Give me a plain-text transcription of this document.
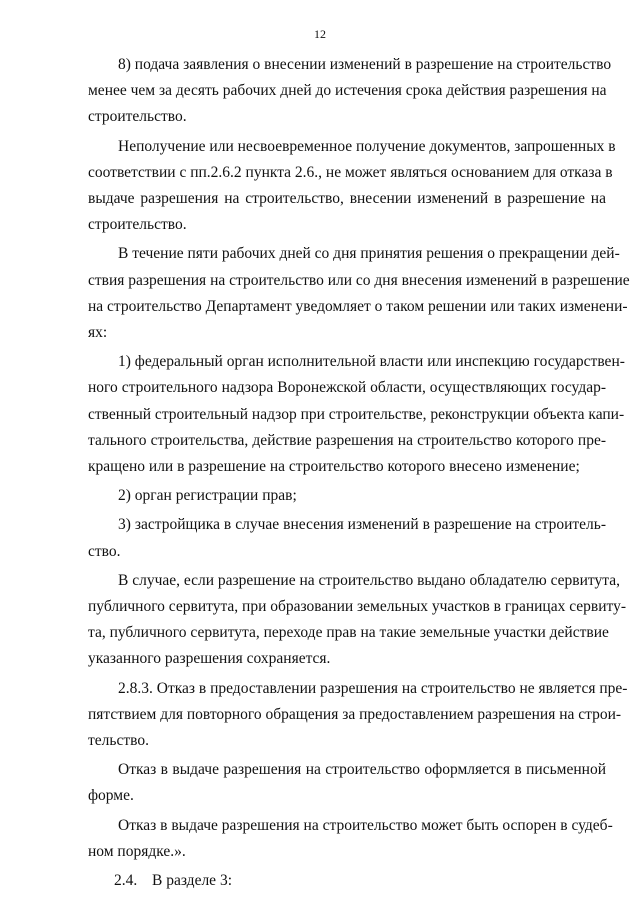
12

8) подача заявления о внесении изменений в разрешение на строительство
менее чем за десять рабочих дней до истечения срока действия разрешения на
строительство.

Неполучение или несвоевременное получение документов, запрошенных в
соответствии с пп.2.6.2 пункта 2.6., не может являться основанием для отказа в
выдаче разрешения на строительство, внесении изменений в разрешение на
строительство.

В течение пяти рабочих дней со дня принятия решения о прекращении дей-
ствия разрешения на строительство или со дня внесения изменений в разрешение
на строительство Департамент уведомляет о таком решении или таких изменени-
ях:

1) федеральный орган исполнительной власти или инспекцию государствен-
ного строительного надзора Воронежской области, осуществляющих государ-
ственный строительный надзор при строительстве, реконструкции объекта капи-
тального строительства, действие разрешения на строительство которого пре-
кращено или в разрешение на строительство которого внесено изменение;

2) орган регистрации прав;

3) застройщика в случае внесения изменений в разрешение на строитель-
ство.

В случае, если разрешение на строительство выдано обладателю сервитута,
публичного сервитута, при образовании земельных участков в границах сервиту-
та, публичного сервитута, переходе прав на такие земельные участки действие
указанного разрешения сохраняется.

2.8.3. Отказ в предоставлении разрешения на строительство не является пре-
пятствием для повторного обращения за предоставлением разрешения на строи-
тельство.

Отказ в выдаче разрешения на строительство оформляется в письменной
форме.

Отказ в выдаче разрешения на строительство может быть оспорен в судеб-
ном порядке.».

2.4. В разделе 3:
